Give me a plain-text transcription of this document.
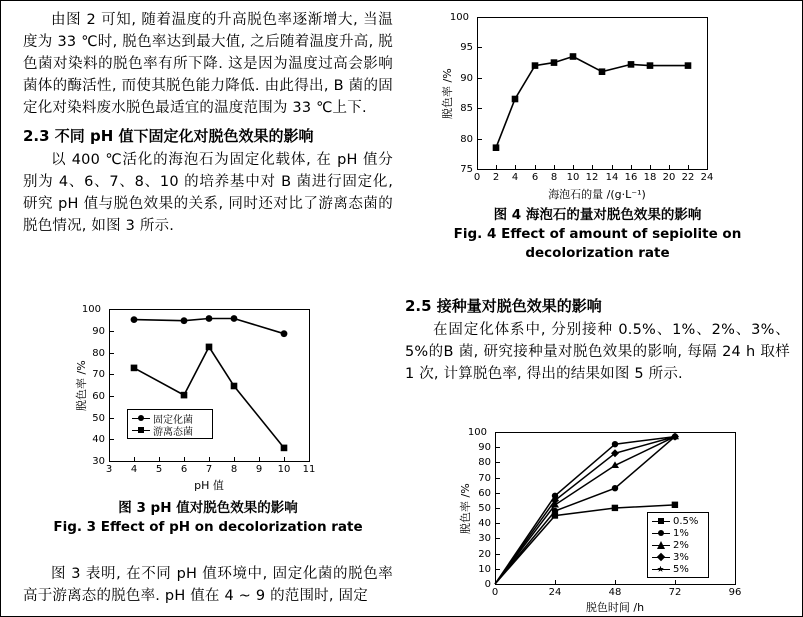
由图 2 可知, 随着温度的升高脱色率逐渐增大, 当温度为 33 ℃时, 脱色率达到最大值, 之后随着温度升高, 脱色菌对染料的脱色率有所下降. 这是因为温度过高会影响菌体的酶活性, 而使其脱色能力降低. 由此得出, B 菌的固定化对染料废水脱色最适宜的温度范围为 33 ℃上下.

2.3 不同 pH 值下固定化对脱色效果的影响

以 400 ℃活化的海泡石为固定化载体, 在 pH 值分别为 4、6、7、8、10 的培养基中对 B 菌进行固定化, 研究 pH 值与脱色效果的关系, 同时还对比了游离态菌的脱色情况, 如图 3 所示.

3	4	5	6	7	8	9	10	11
30
40
50
60
70
80
90
100
固定化菌
游离态菌
脱色率 /%
pH 值
图 3 pH 值对脱色效果的影响
Fig. 3 Effect of pH on decolorization rate

图 3 表明, 在不同 pH 值环境中, 固定化菌的脱色率高于游离态的脱色率. pH 值在 4 ~ 9 的范围时, 固定

0	2	4	6	8 10 12 14 16 18 20 22 24
75
80
85
90
95
100
脱色率 /%
海泡石的量 /(g·L⁻¹)
图 4 海泡石的量对脱色效果的影响
Fig. 4 Effect of amount of sepiolite on
decolorization rate
2.5 接种量对脱色效果的影响

在固定化体系中, 分别接种 0.5%、1%、2%、3%、5%的B 菌, 研究接种量对脱色效果的影响, 每隔 24 h 取样 1 次, 计算脱色率, 得出的结果如图 5 所示.

0	24	48	72	96
0
10
20
30
40
50
60
70
80
90
100
0.5%
1%
2%
3%
5%
脱色率 /%
脱色时间 /h
